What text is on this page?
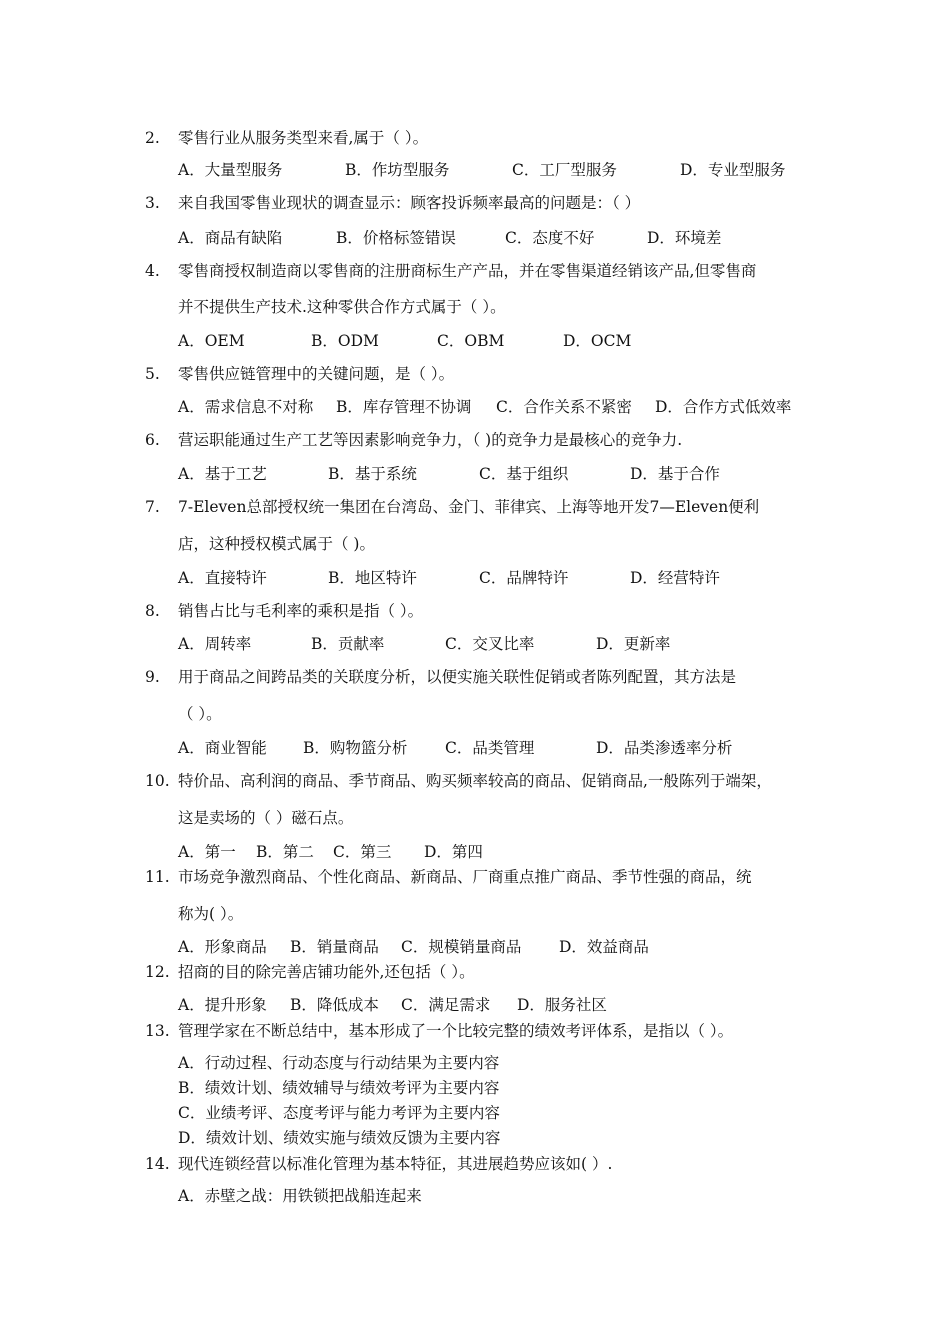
2. 零售行业从服务类型来看,属于（ ）。
A．大量型服务	B．作坊型服务	C．工厂型服务	D．专业型服务
3. 来自我国零售业现状的调查显示：顾客投诉频率最高的问题是：（ ）
A．商品有缺陷	B．价格标签错误	C．态度不好	D．环境差
4. 零售商授权制造商以零售商的注册商标生产产品，并在零售渠道经销该产品,但零售商
并不提供生产技术.这种零供合作方式属于（ ）。
A．OEM	B．ODM	C．OBM	D．OCM
5. 零售供应链管理中的关键问题，是（ ）。
A．需求信息不对称 B．库存管理不协调 C．合作关系不紧密 D．合作方式低效率
6. 营运职能通过生产工艺等因素影响竞争力，（ )的竞争力是最核心的竞争力.
A．基于工艺	B．基于系统	C．基于组织	D．基于合作
7. 7-Eleven总部授权统一集团在台湾岛、金门、菲律宾、上海等地开发7—Eleven便利
店，这种授权模式属于（ )。
A．直接特许	B．地区特许	C．品牌特许	D．经营特许
8. 销售占比与毛利率的乘积是指（ ）。
A．周转率	B．贡献率	C．交叉比率	D．更新率
9. 用于商品之间跨品类的关联度分析，以便实施关联性促销或者陈列配置，其方法是
（ ）。
A．商业智能 B．购物篮分析 C．品类管理	D．品类渗透率分析
10. 特价品、高利润的商品、季节商品、购买频率较高的商品、促销商品,一般陈列于端架，
这是卖场的（ ）磁石点。
A．第一 B．第二 C．第三 D．第四
11. 市场竞争激烈商品、个性化商品、新商品、厂商重点推广商品、季节性强的商品，统
称为( ）。
A．形象商品 B．销量商品 C．规模销量商品 D．效益商品
12. 招商的目的除完善店铺功能外,还包括（ ）。
A．提升形象 B．降低成本 C．满足需求 D．服务社区
13. 管理学家在不断总结中，基本形成了一个比较完整的绩效考评体系，是指以（ ）。
A．行动过程、行动态度与行动结果为主要内容
B．绩效计划、绩效辅导与绩效考评为主要内容
C．业绩考评、态度考评与能力考评为主要内容
D．绩效计划、绩效实施与绩效反馈为主要内容
14. 现代连锁经营以标准化管理为基本特征，其进展趋势应该如( ）.
A．赤壁之战：用铁锁把战船连起来
